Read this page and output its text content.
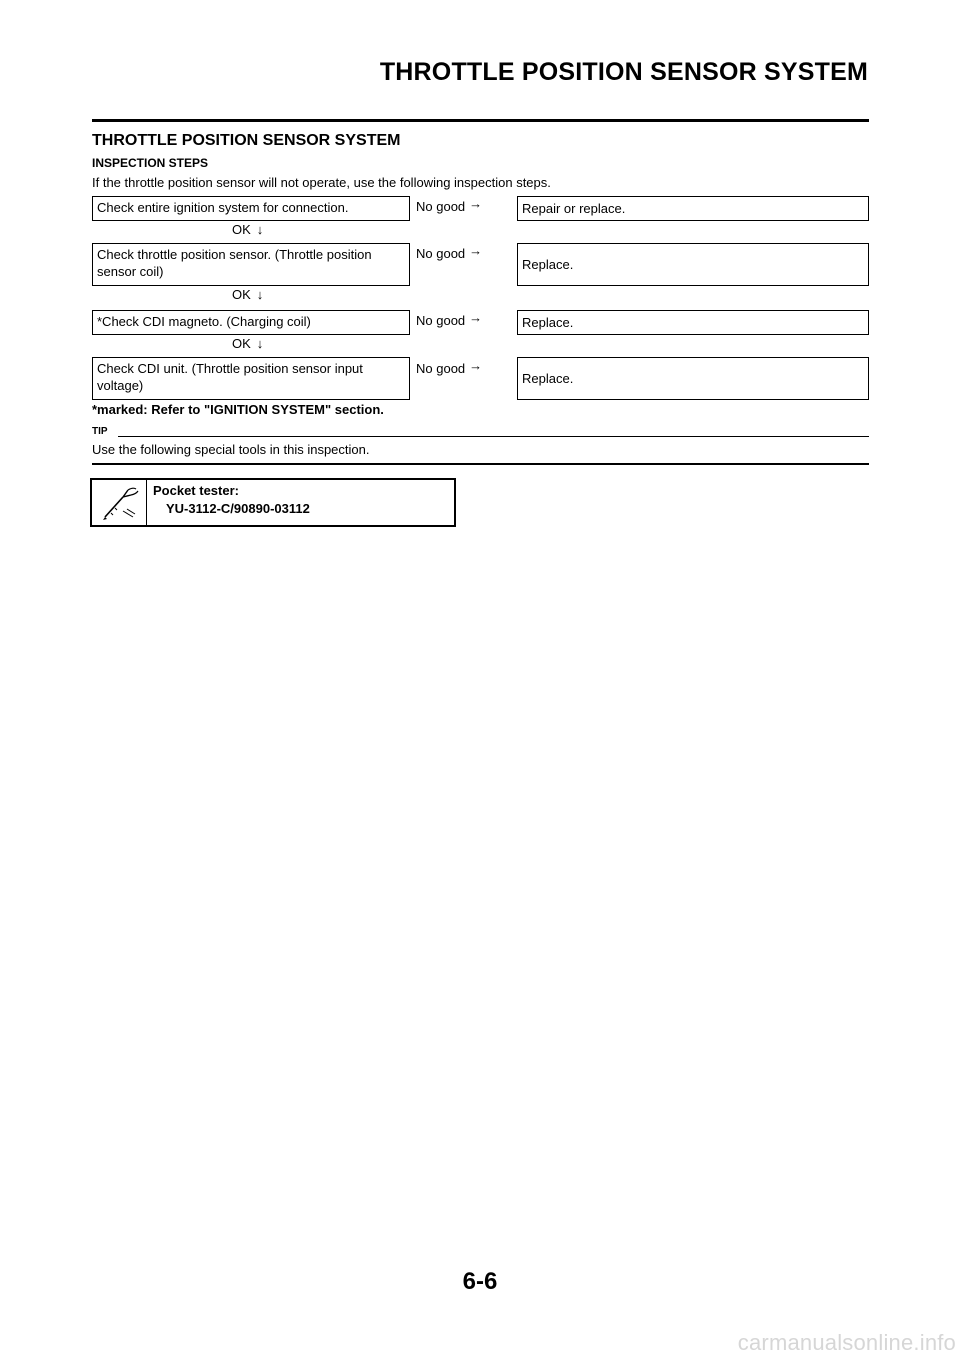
THROTTLE POSITION SENSOR SYSTEM
THROTTLE POSITION SENSOR SYSTEM
INSPECTION STEPS

If the throttle position sensor will not operate, use the following inspection steps.

Check entire ignition system for connection.	No good →	Repair or replace.
OK ↓
Check throttle position sensor. (Throttle position sensor coil)
No good →
Replace.
OK ↓
*Check CDI magneto. (Charging coil)	No good →	Replace.
OK ↓
Check CDI unit. (Throttle position sensor input voltage)
No good →
Replace.

*marked: Refer to "IGNITION SYSTEM" section.

TIP

Use the following special tools in this inspection.

Pocket tester:
YU-3112-C/90890-03112
6-6
carmanualsonline.info
